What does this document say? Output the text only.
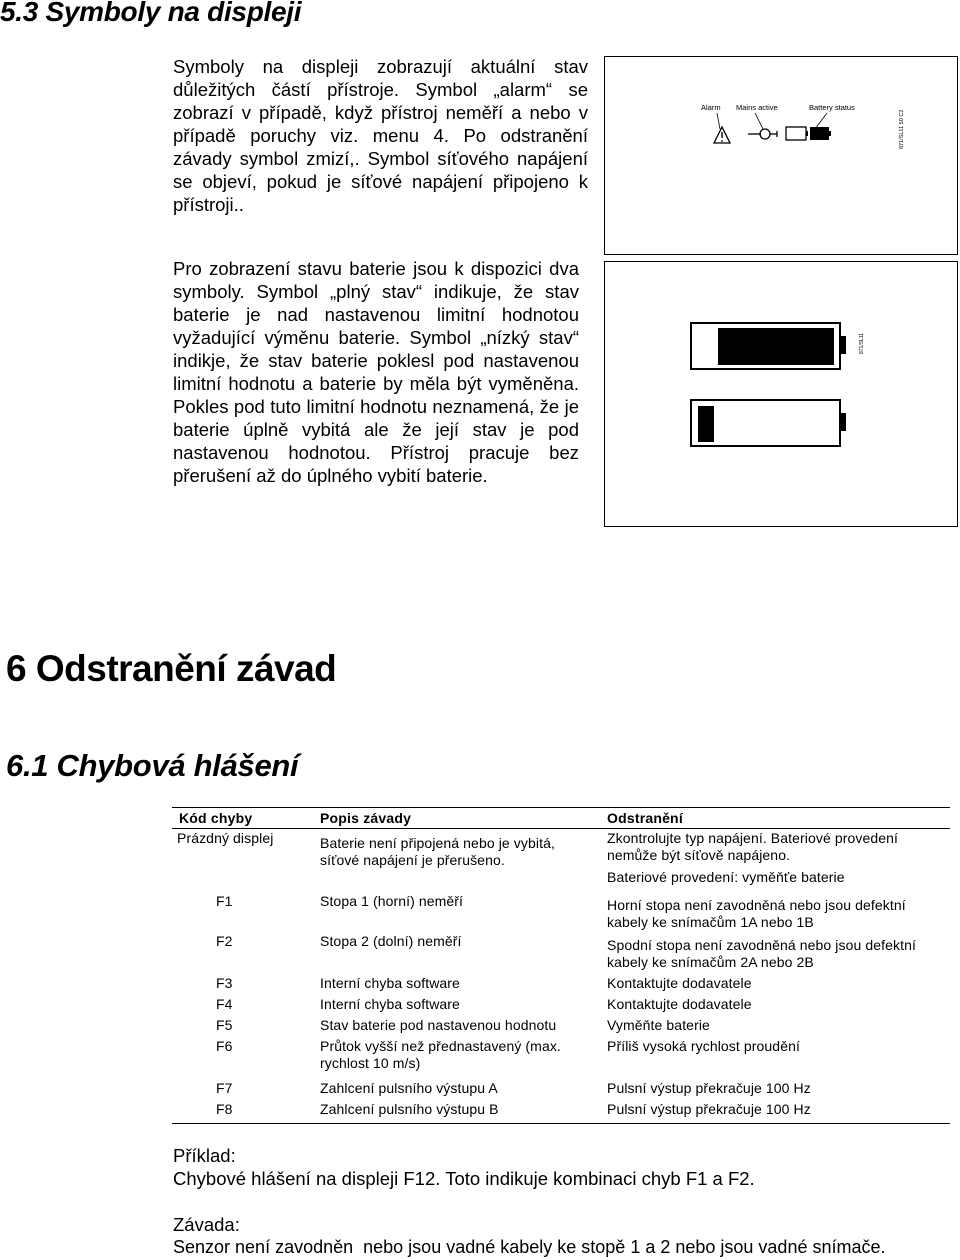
5.3 Symboly na displeji
Symboly na displeji zobrazují aktuální stav důležitých částí přístroje. Symbol „alarm“ se zobrazí v případě, když přístroj neměří a nebo v případě poruchy viz. menu 4. Po odstranění závady symbol zmizí,. Symbol síťového napájení se objeví, pokud je síťové napájení připojeno k přístroji..
Pro zobrazení stavu baterie jsou k dispozici dva symboly. Symbol „plný stav“ indikuje, že stav baterie je nad nastavenou limitní hodnotou vyžadující výměnu baterie. Symbol „nízký stav“ indikje, že stav baterie poklesl pod nastavenou limitní hodnotu a baterie by měla být vyměněna. Pokles pod tuto limitní hodnotu neznamená, že je baterie úplně vybitá ale že její stav je pod nastavenou hodnotou. Přístroj pracuje bez přerušení až do úplného vybití baterie.
Alarm Mains active	Battery status
871/SL11 50 C2
871/SL11
6 Odstranění závad
6.1 Chybová hlášení
Kód chyby	Popis závady	Odstranění
Prázdný displej	Baterie není připojená nebo je vybitá, síťové napájení je přerušeno.	Zkontrolujte typ napájení. Bateriové provedení nemůže být síťově napájeno.
Bateriové provedení: vyměňťe baterie

F1	Stopa 1 (horní) neměří	Horní stopa není zavodněná nebo jsou defektní kabely ke snímačům 1A nebo 1B
F2	Stopa 2 (dolní) neměří	Spodní stopa není zavodněná nebo jsou defektní kabely ke snímačům 2A nebo 2B
F3	Interní chyba software	Kontaktujte dodavatele
F4	Interní chyba software	Kontaktujte dodavatele
F5	Stav baterie pod nastavenou hodnotu	Vyměňte baterie
F6	Průtok vyšší než přednastavený (max. rychlost 10 m/s)	Příliš vysoká rychlost proudění
F7	Zahlcení pulsního výstupu A	Pulsní výstup překračuje 100 Hz
F8	Zahlcení pulsního výstupu B	Pulsní výstup překračuje 100 Hz
Příklad:
Chybové hlášení na displeji F12. Toto indikuje kombinaci chyb F1 a F2.
Závada:
Senzor není zavodněn  nebo jsou vadné kabely ke stopě 1 a 2 nebo jsou vadné snímače.
